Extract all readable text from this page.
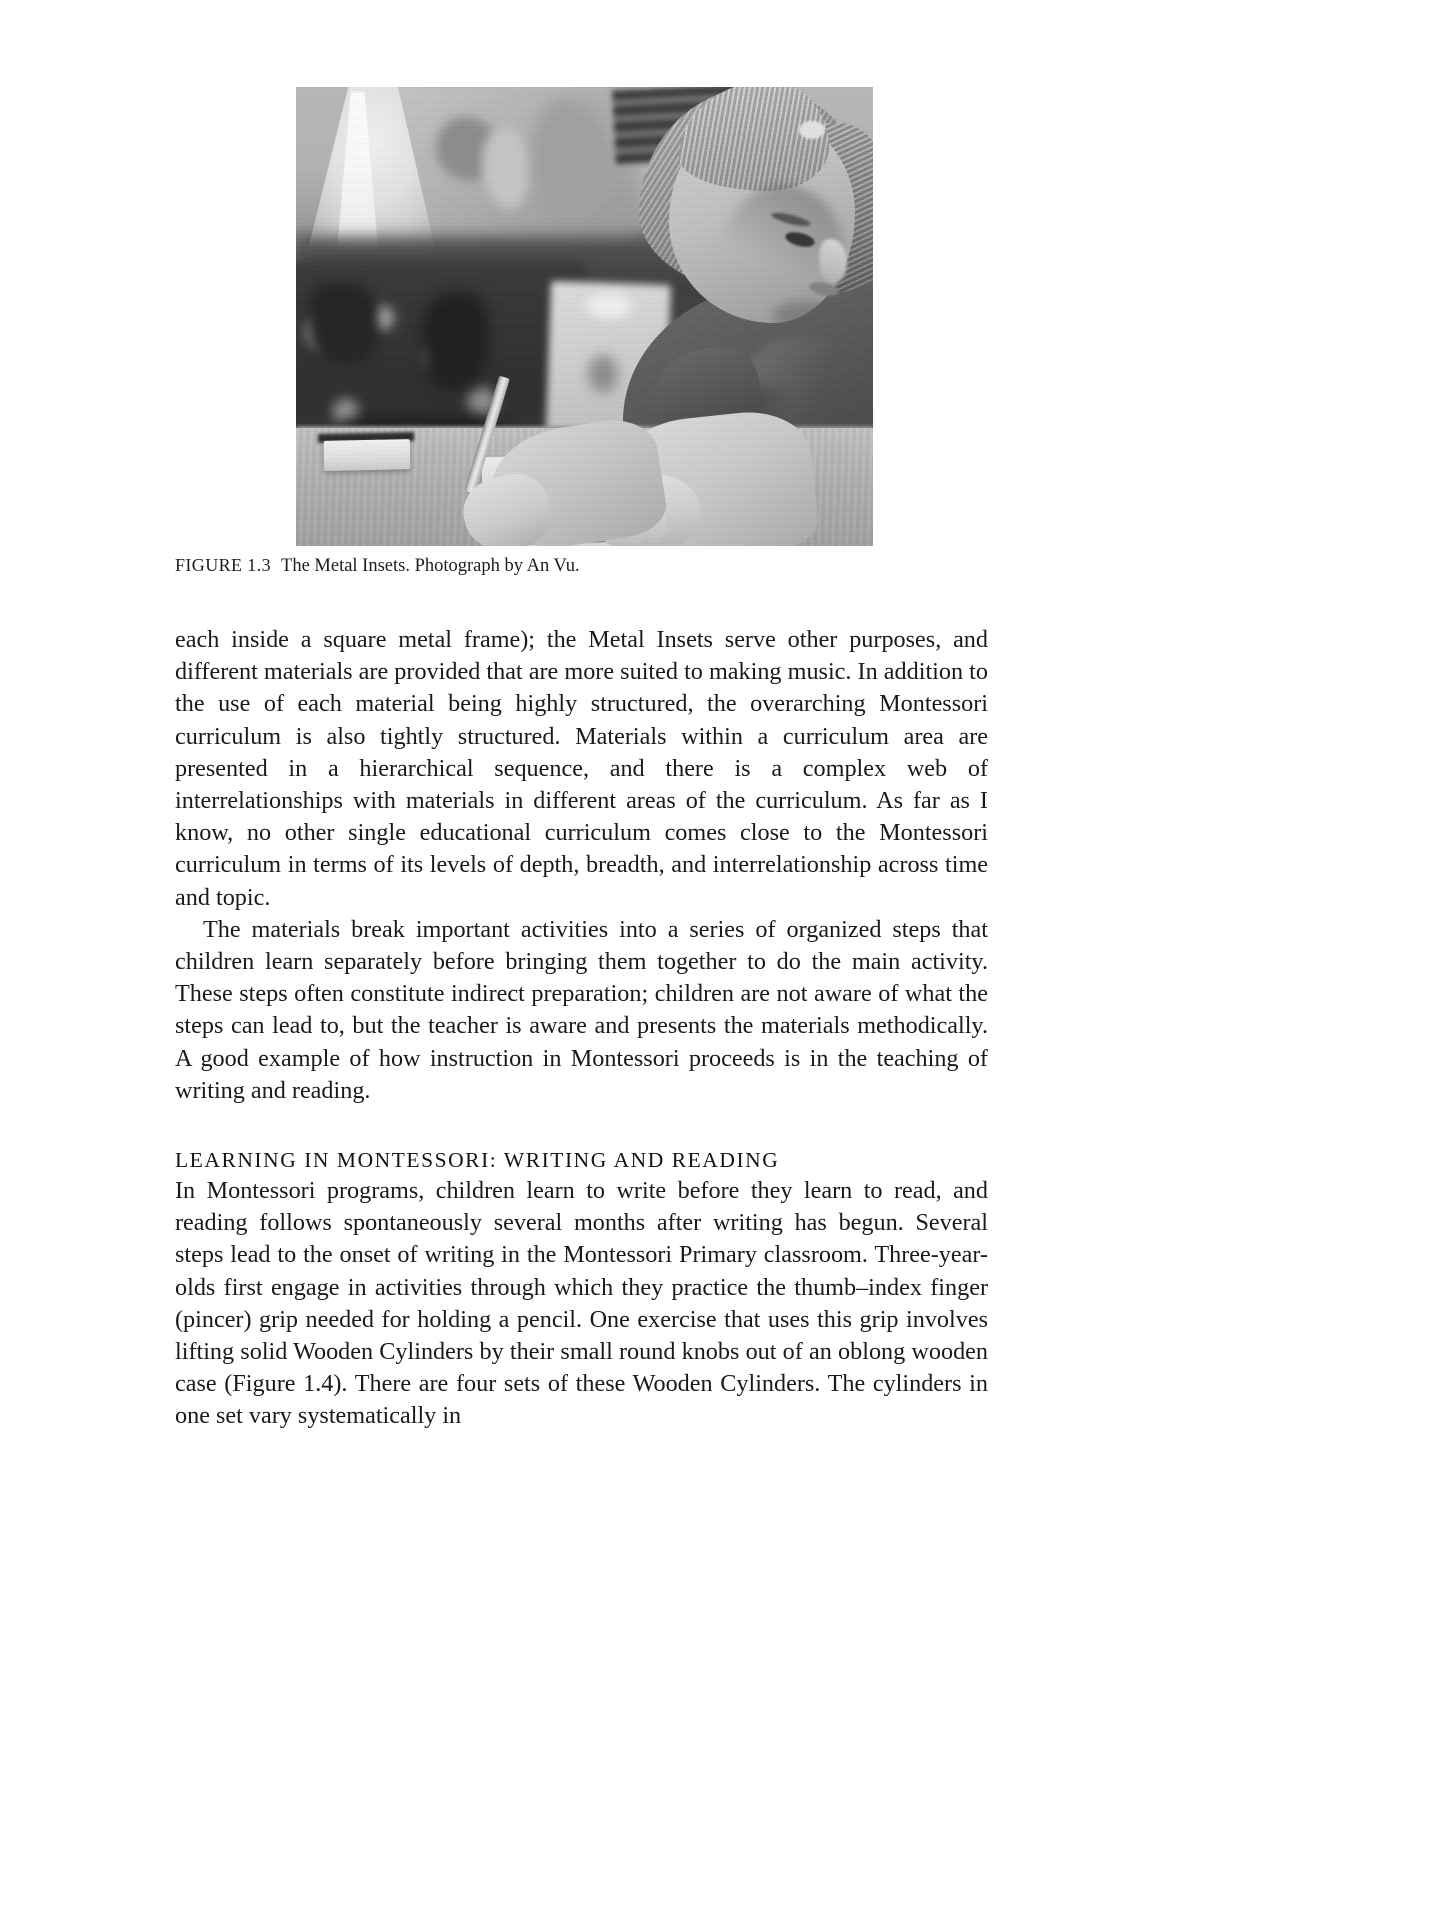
FIGURE 1.3 The Metal Insets. Photograph by An Vu.

each inside a square metal frame); the Metal Insets serve other purposes, and different materials are provided that are more suited to making music. In addition to the use of each material being highly structured, the overarching Montessori curriculum is also tightly structured. Materials within a curriculum area are presented in a hierarchical sequence, and there is a complex web of interrelationships with materials in different areas of the curriculum. As far as I know, no other single educational curriculum comes close to the Montessori curriculum in terms of its levels of depth, breadth, and interrelationship across time and topic.

The materials break important activities into a series of organized steps that children learn separately before bringing them together to do the main activity. These steps often constitute indirect preparation; children are not aware of what the steps can lead to, but the teacher is aware and presents the materials methodically. A good example of how instruction in Montessori proceeds is in the teaching of writing and reading.

LEARNING IN MONTESSORI: WRITING AND READING

In Montessori programs, children learn to write before they learn to read, and reading follows spontaneously several months after writing has begun. Several steps lead to the onset of writing in the Montessori Primary classroom. Three-year-olds first engage in activities through which they practice the thumb–index finger (pincer) grip needed for holding a pencil. One exercise that uses this grip involves lifting solid Wooden Cylinders by their small round knobs out of an oblong wooden case (Figure 1.4). There are four sets of these Wooden Cylinders. The cylinders in one set vary systematically in
